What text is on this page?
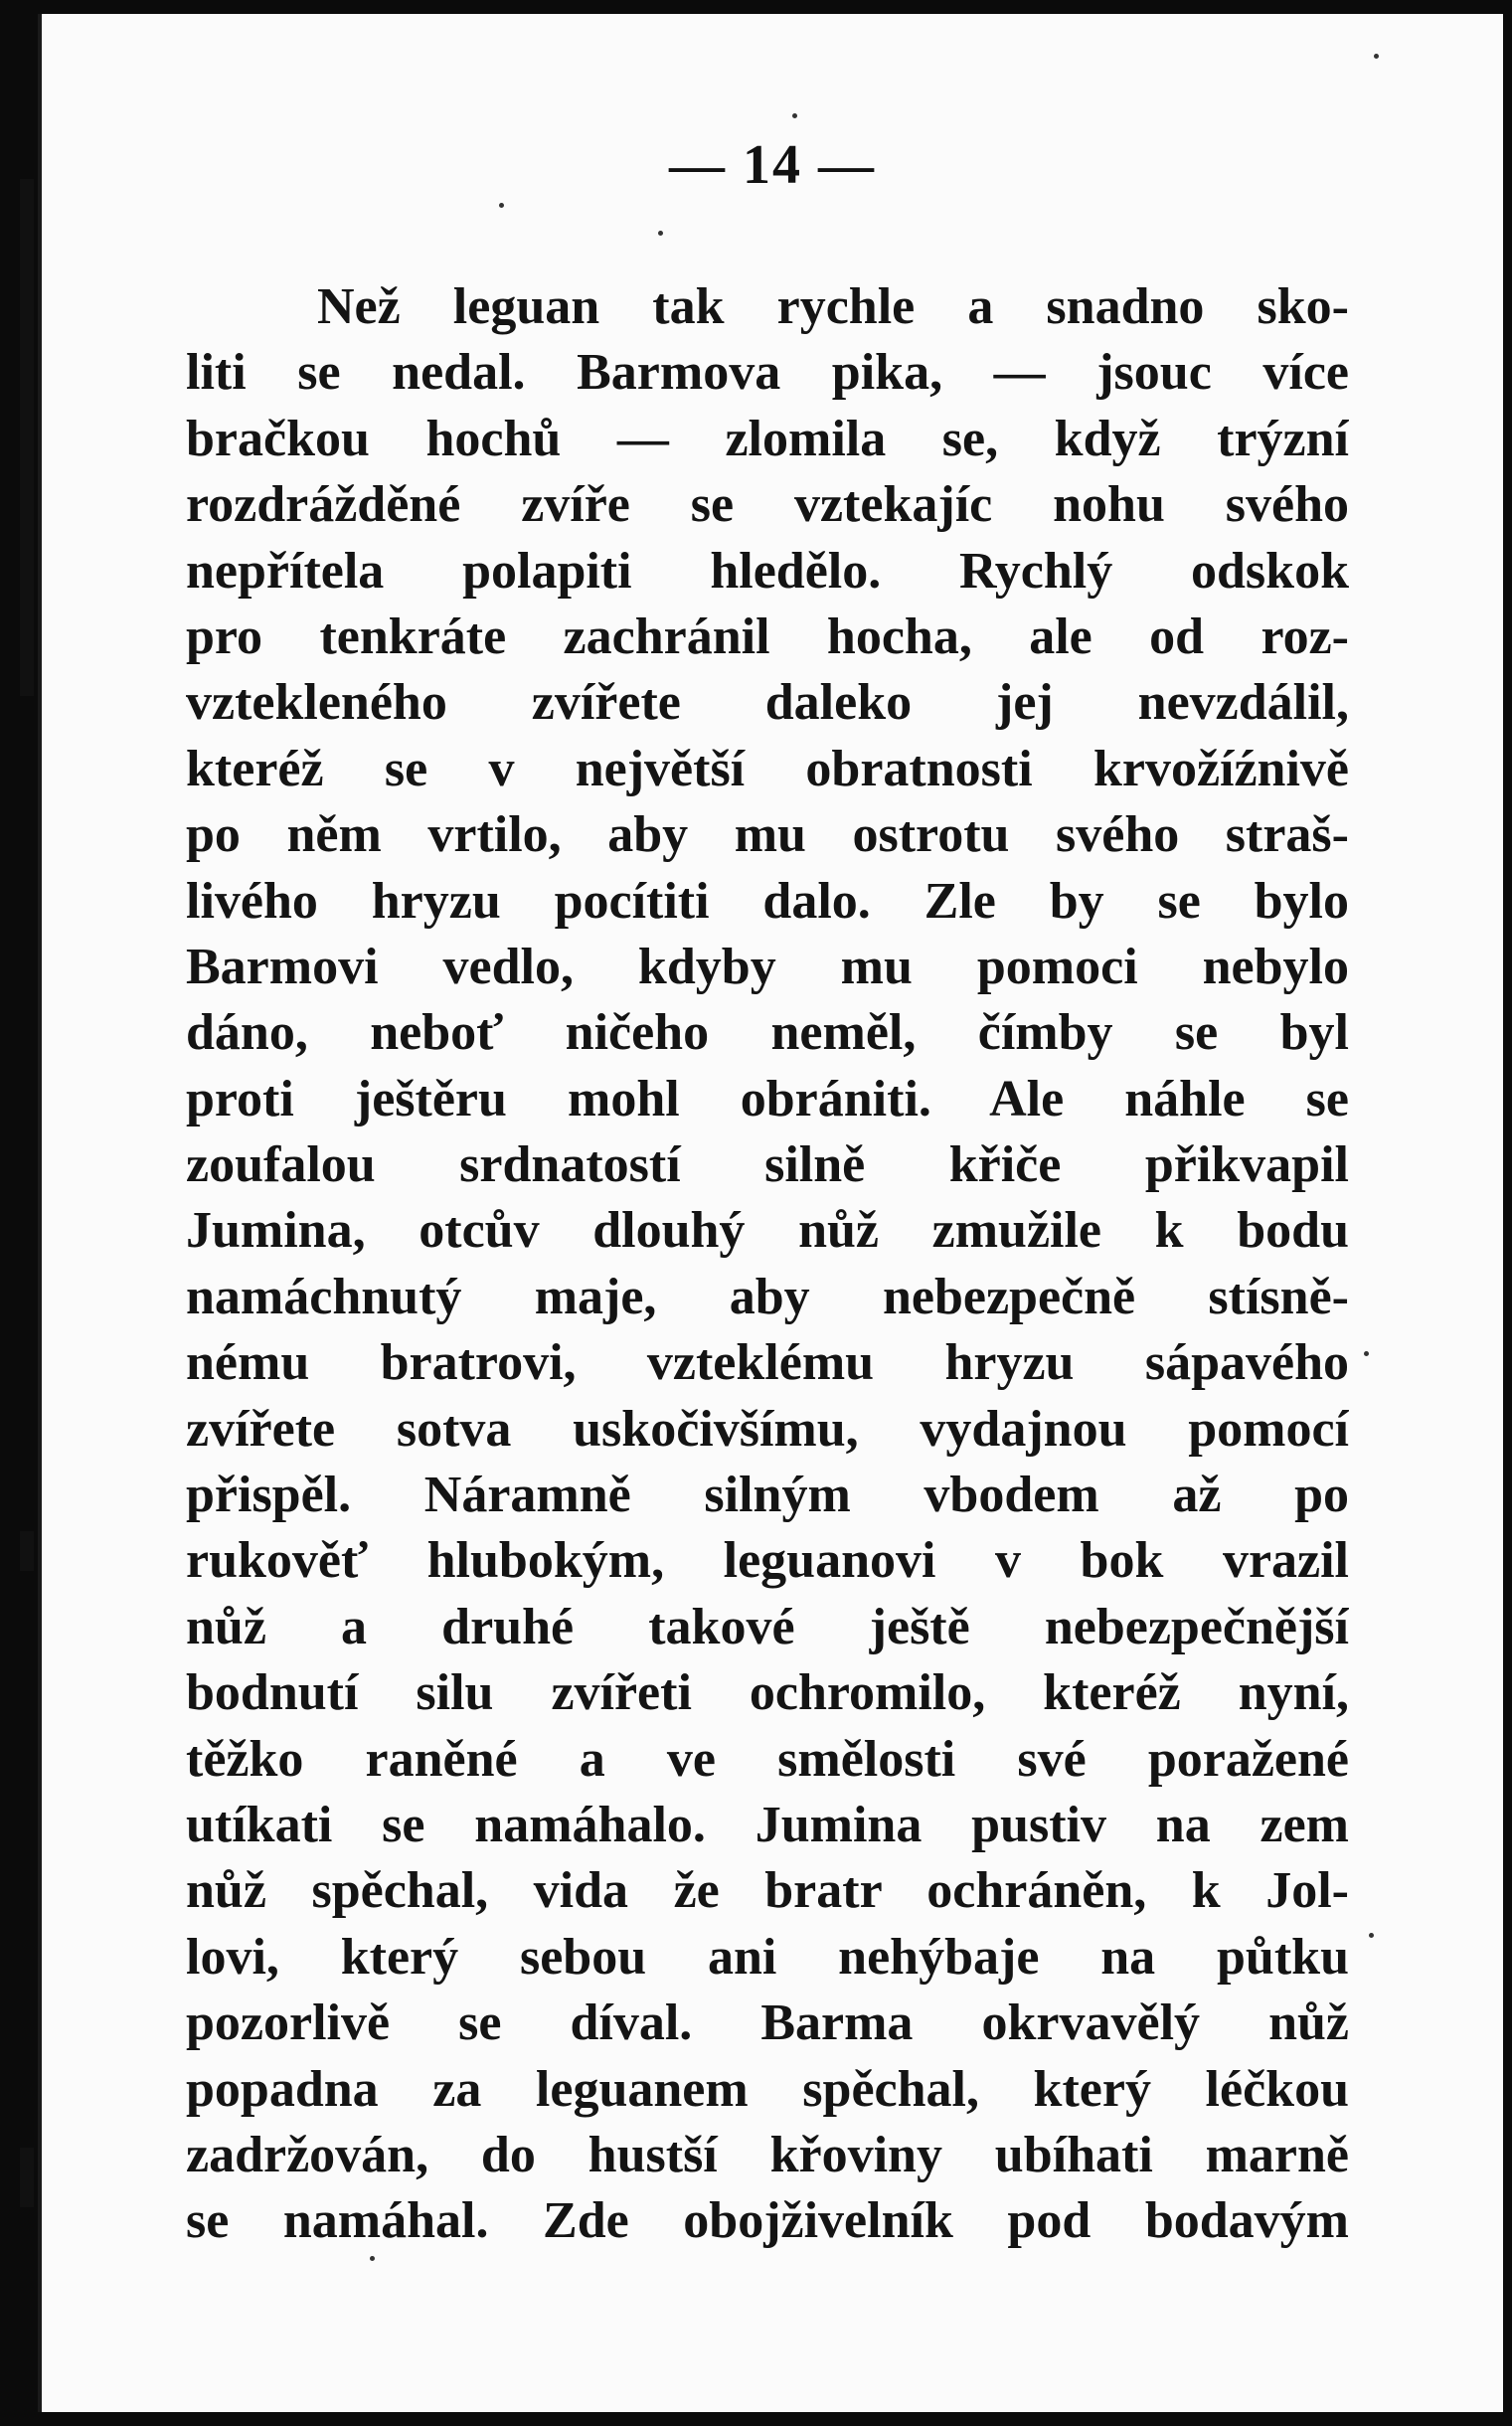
— 14 —
Než leguan tak rychle a snadno sko-
liti se nedal. Barmova pika, — jsouc více
bračkou hochů — zlomila se, když trýzní
rozdrážděné zvíře se vztekajíc nohu svého
nepřítela polapiti hledělo. Rychlý odskok
pro tenkráte zachránil hocha, ale od roz-
vztekleného zvířete daleko jej nevzdálil,
kteréž se v největší obratnosti krvožíźnivě
po něm vrtilo, aby mu ostrotu svého straš-
livého hryzu pocítiti dalo. Zle by se bylo
Barmovi vedlo, kdyby mu pomoci nebylo
dáno, neboť ničeho neměl, čímby se byl
proti ještěru mohl obrániti. Ale náhle se
zoufalou srdnatostí silně křiče přikvapil
Jumina, otcův dlouhý nůž zmužile k bodu
namáchnutý maje, aby nebezpečně stísně-
nému bratrovi, vzteklému hryzu sápavého
zvířete sotva uskočivšímu, vydajnou pomocí
přispěl. Náramně silným vbodem až po
rukověť hlubokým, leguanovi v bok vrazil
nůž a druhé takové ještě nebezpečnější
bodnutí silu zvířeti ochromilo, kteréž nyní,
těžko raněné a ve smělosti své poražené
utíkati se namáhalo. Jumina pustiv na zem
nůž spěchal, vida že bratr ochráněn, k Jol-
lovi, který sebou ani nehýbaje na půtku
pozorlivě se díval. Barma okrvavělý nůž
popadna za leguanem spěchal, který léčkou
zadržován, do hustší křoviny ubíhati marně
se namáhal. Zde obojživelník pod bodavým
